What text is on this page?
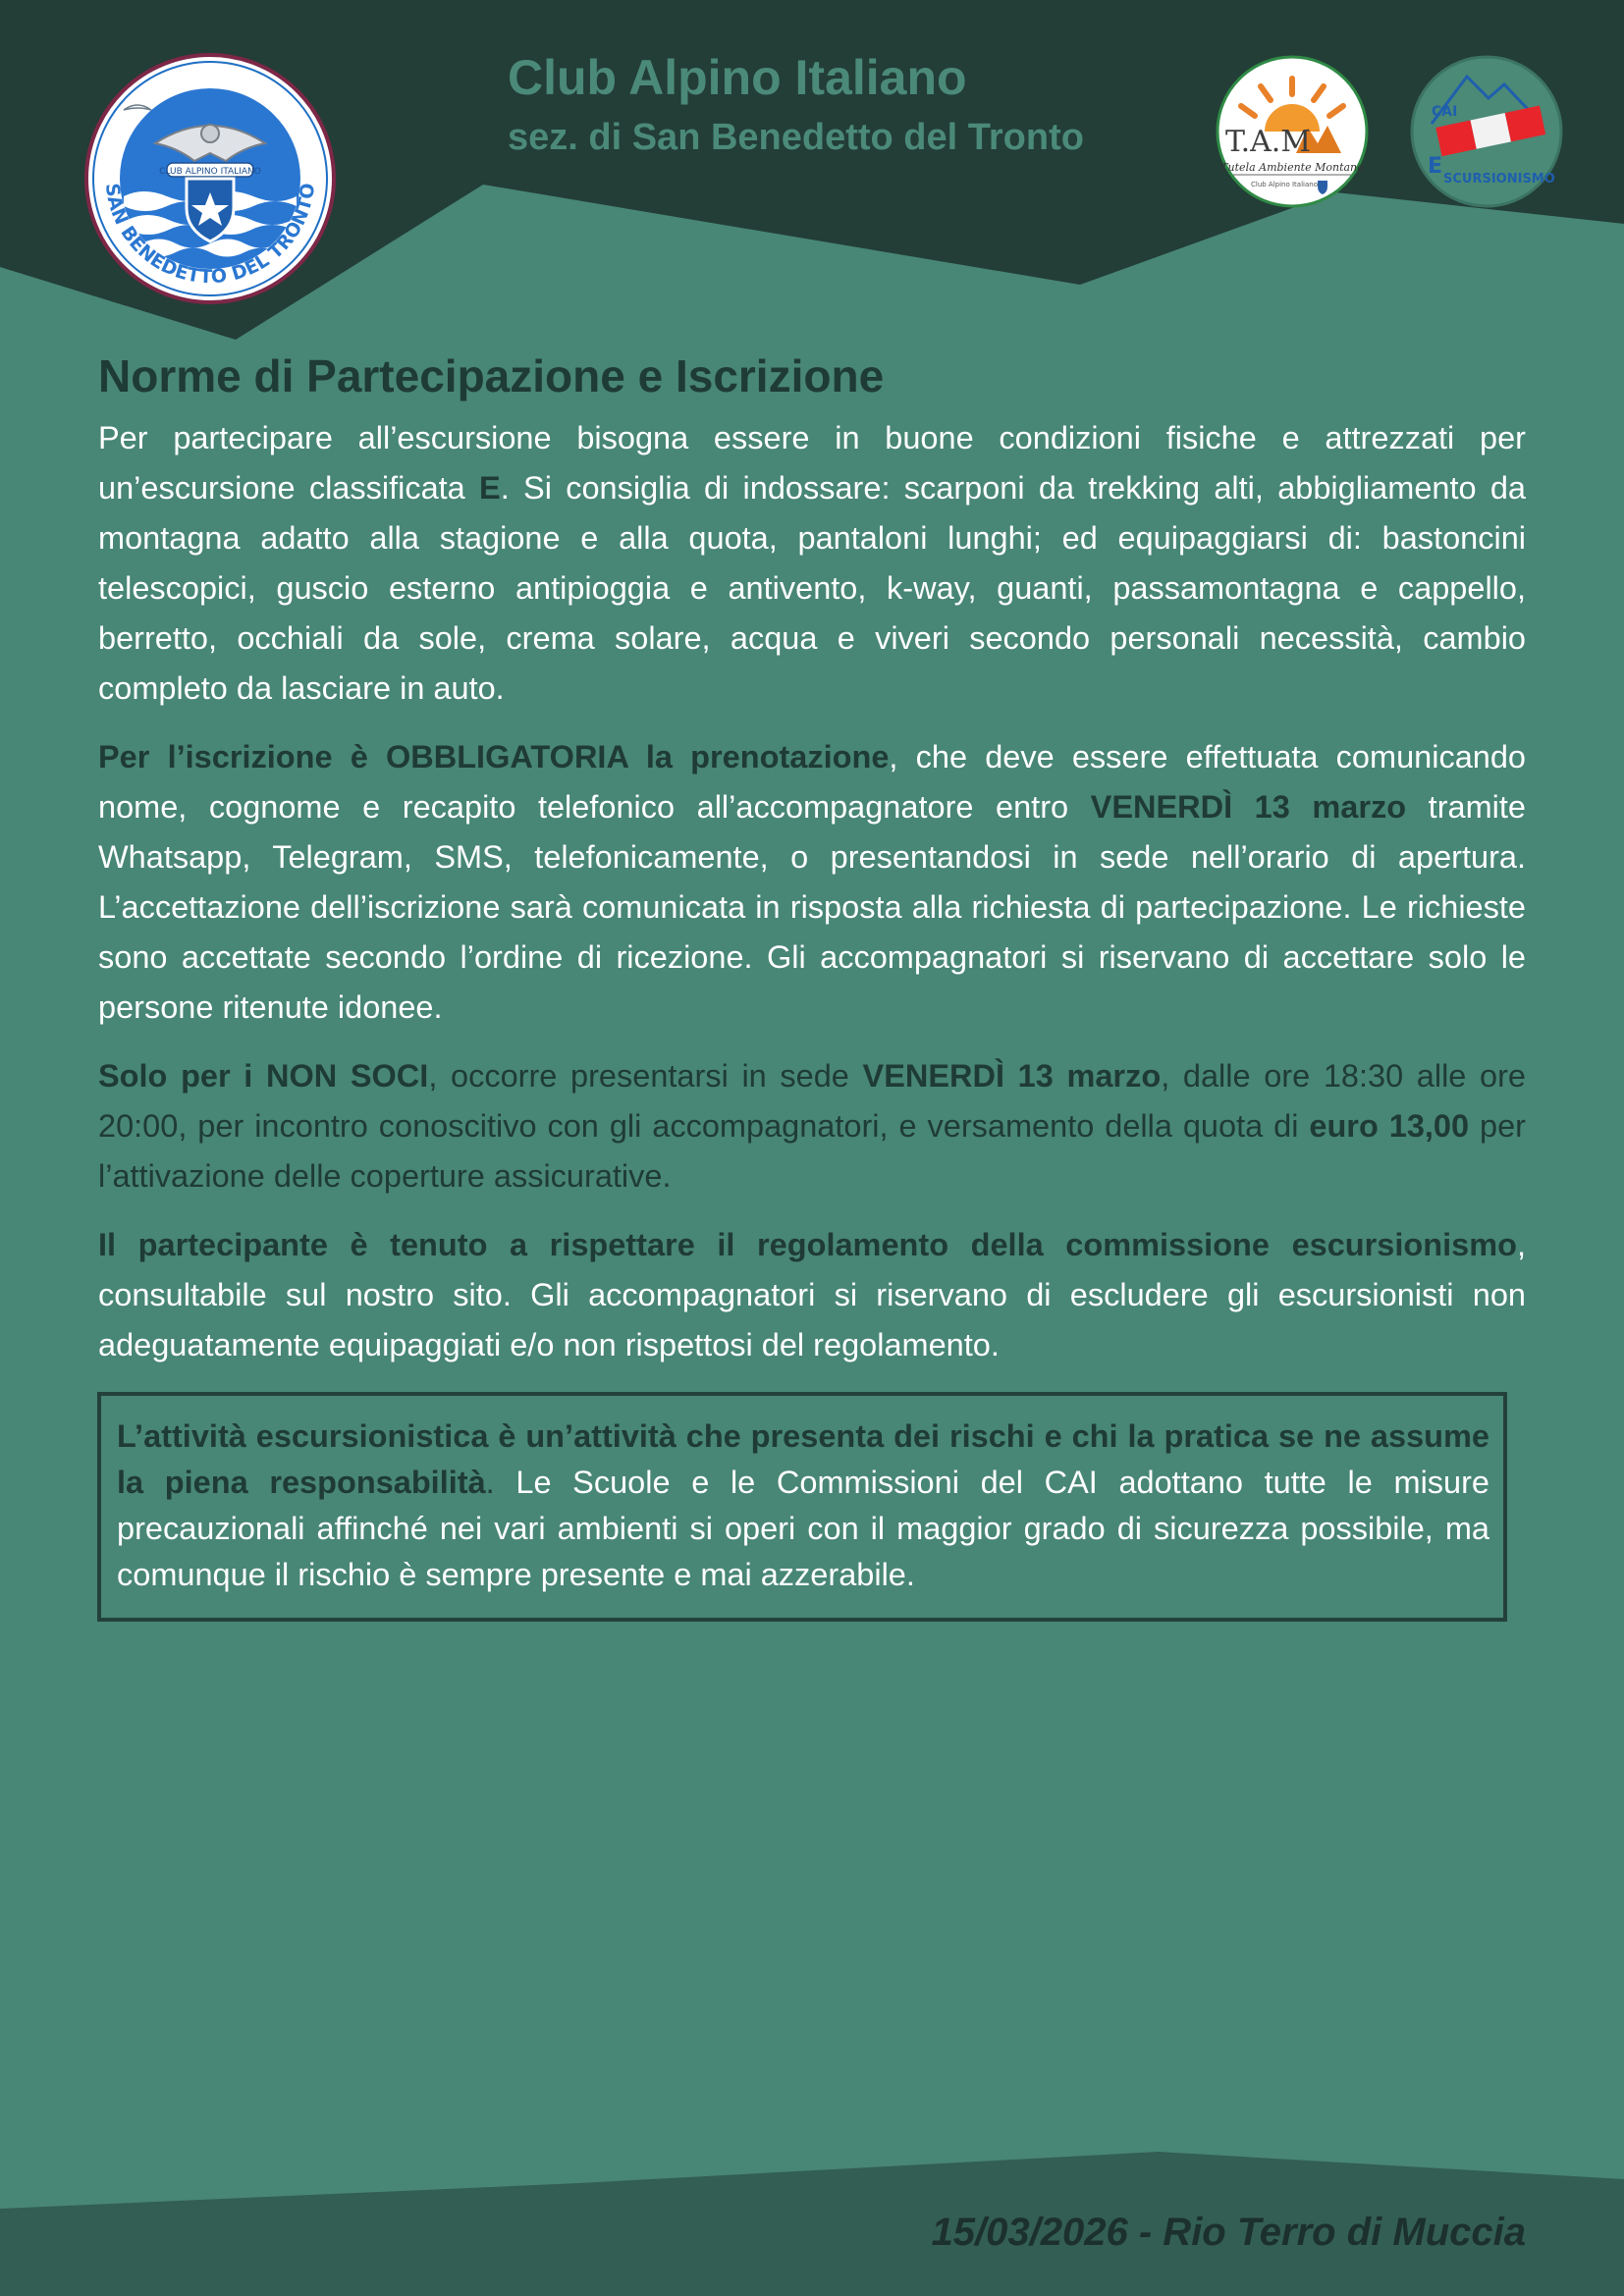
CLUB ALPINO ITALIANO
CAI
SAN BENEDETTO DEL TRONTO
T.A.M
Tutela Ambiente Montano
Club Alpino Italiano
CAI
E
SCURSIONISMO
Club Alpino Italiano
sez. di San Benedetto del Tronto
Norme di Partecipazione e Iscrizione

Per partecipare all’escursione bisogna essere in buone condizioni fisiche e attrezzati per un’escursione classificata E. Si consiglia di indossare: scarponi da trekking alti, abbigliamento da montagna adatto alla stagione e alla quota, pantaloni lunghi; ed equipaggiarsi di: bastoncini telescopici, guscio esterno antipioggia e antivento, k-way, guanti, passamontagna e cappello, berretto, occhiali da sole, crema solare, acqua e viveri secondo personali necessità, cambio completo da lasciare in auto.

Per l’iscrizione è OBBLIGATORIA la prenotazione, che deve essere effettuata comunicando nome, cognome e recapito telefonico all’accompagnatore entro VENERDÌ 13 marzo tramite Whatsapp, Telegram, SMS, telefonicamente, o presentandosi in sede nell’orario di apertura. L’accettazione dell’iscrizione sarà comunicata in risposta alla richiesta di partecipazione. Le richieste sono accettate secondo l’ordine di ricezione. Gli accompagnatori si riservano di accettare solo le persone ritenute idonee.

Solo per i NON SOCI, occorre presentarsi in sede VENERDÌ 13 marzo, dalle ore 18:30 alle ore 20:00, per incontro conoscitivo con gli accompagnatori, e versamento della quota di euro 13,00 per l’attivazione delle coperture assicurative.

Il partecipante è tenuto a rispettare il regolamento della commissione escursionismo, consultabile sul nostro sito. Gli accompagnatori si riservano di escludere gli escursionisti non adeguatamente equipaggiati e/o non rispettosi del regolamento.

L’attività escursionistica è un’attività che presenta dei rischi e chi la pratica se ne assume la piena responsabilità. Le Scuole e le Commissioni del CAI adottano tutte le misure precauzionali affinché nei vari ambienti si operi con il maggior grado di sicurezza possibile, ma comunque il rischio è sempre presente e mai azzerabile.

15/03/2026 - Rio Terro di Muccia
